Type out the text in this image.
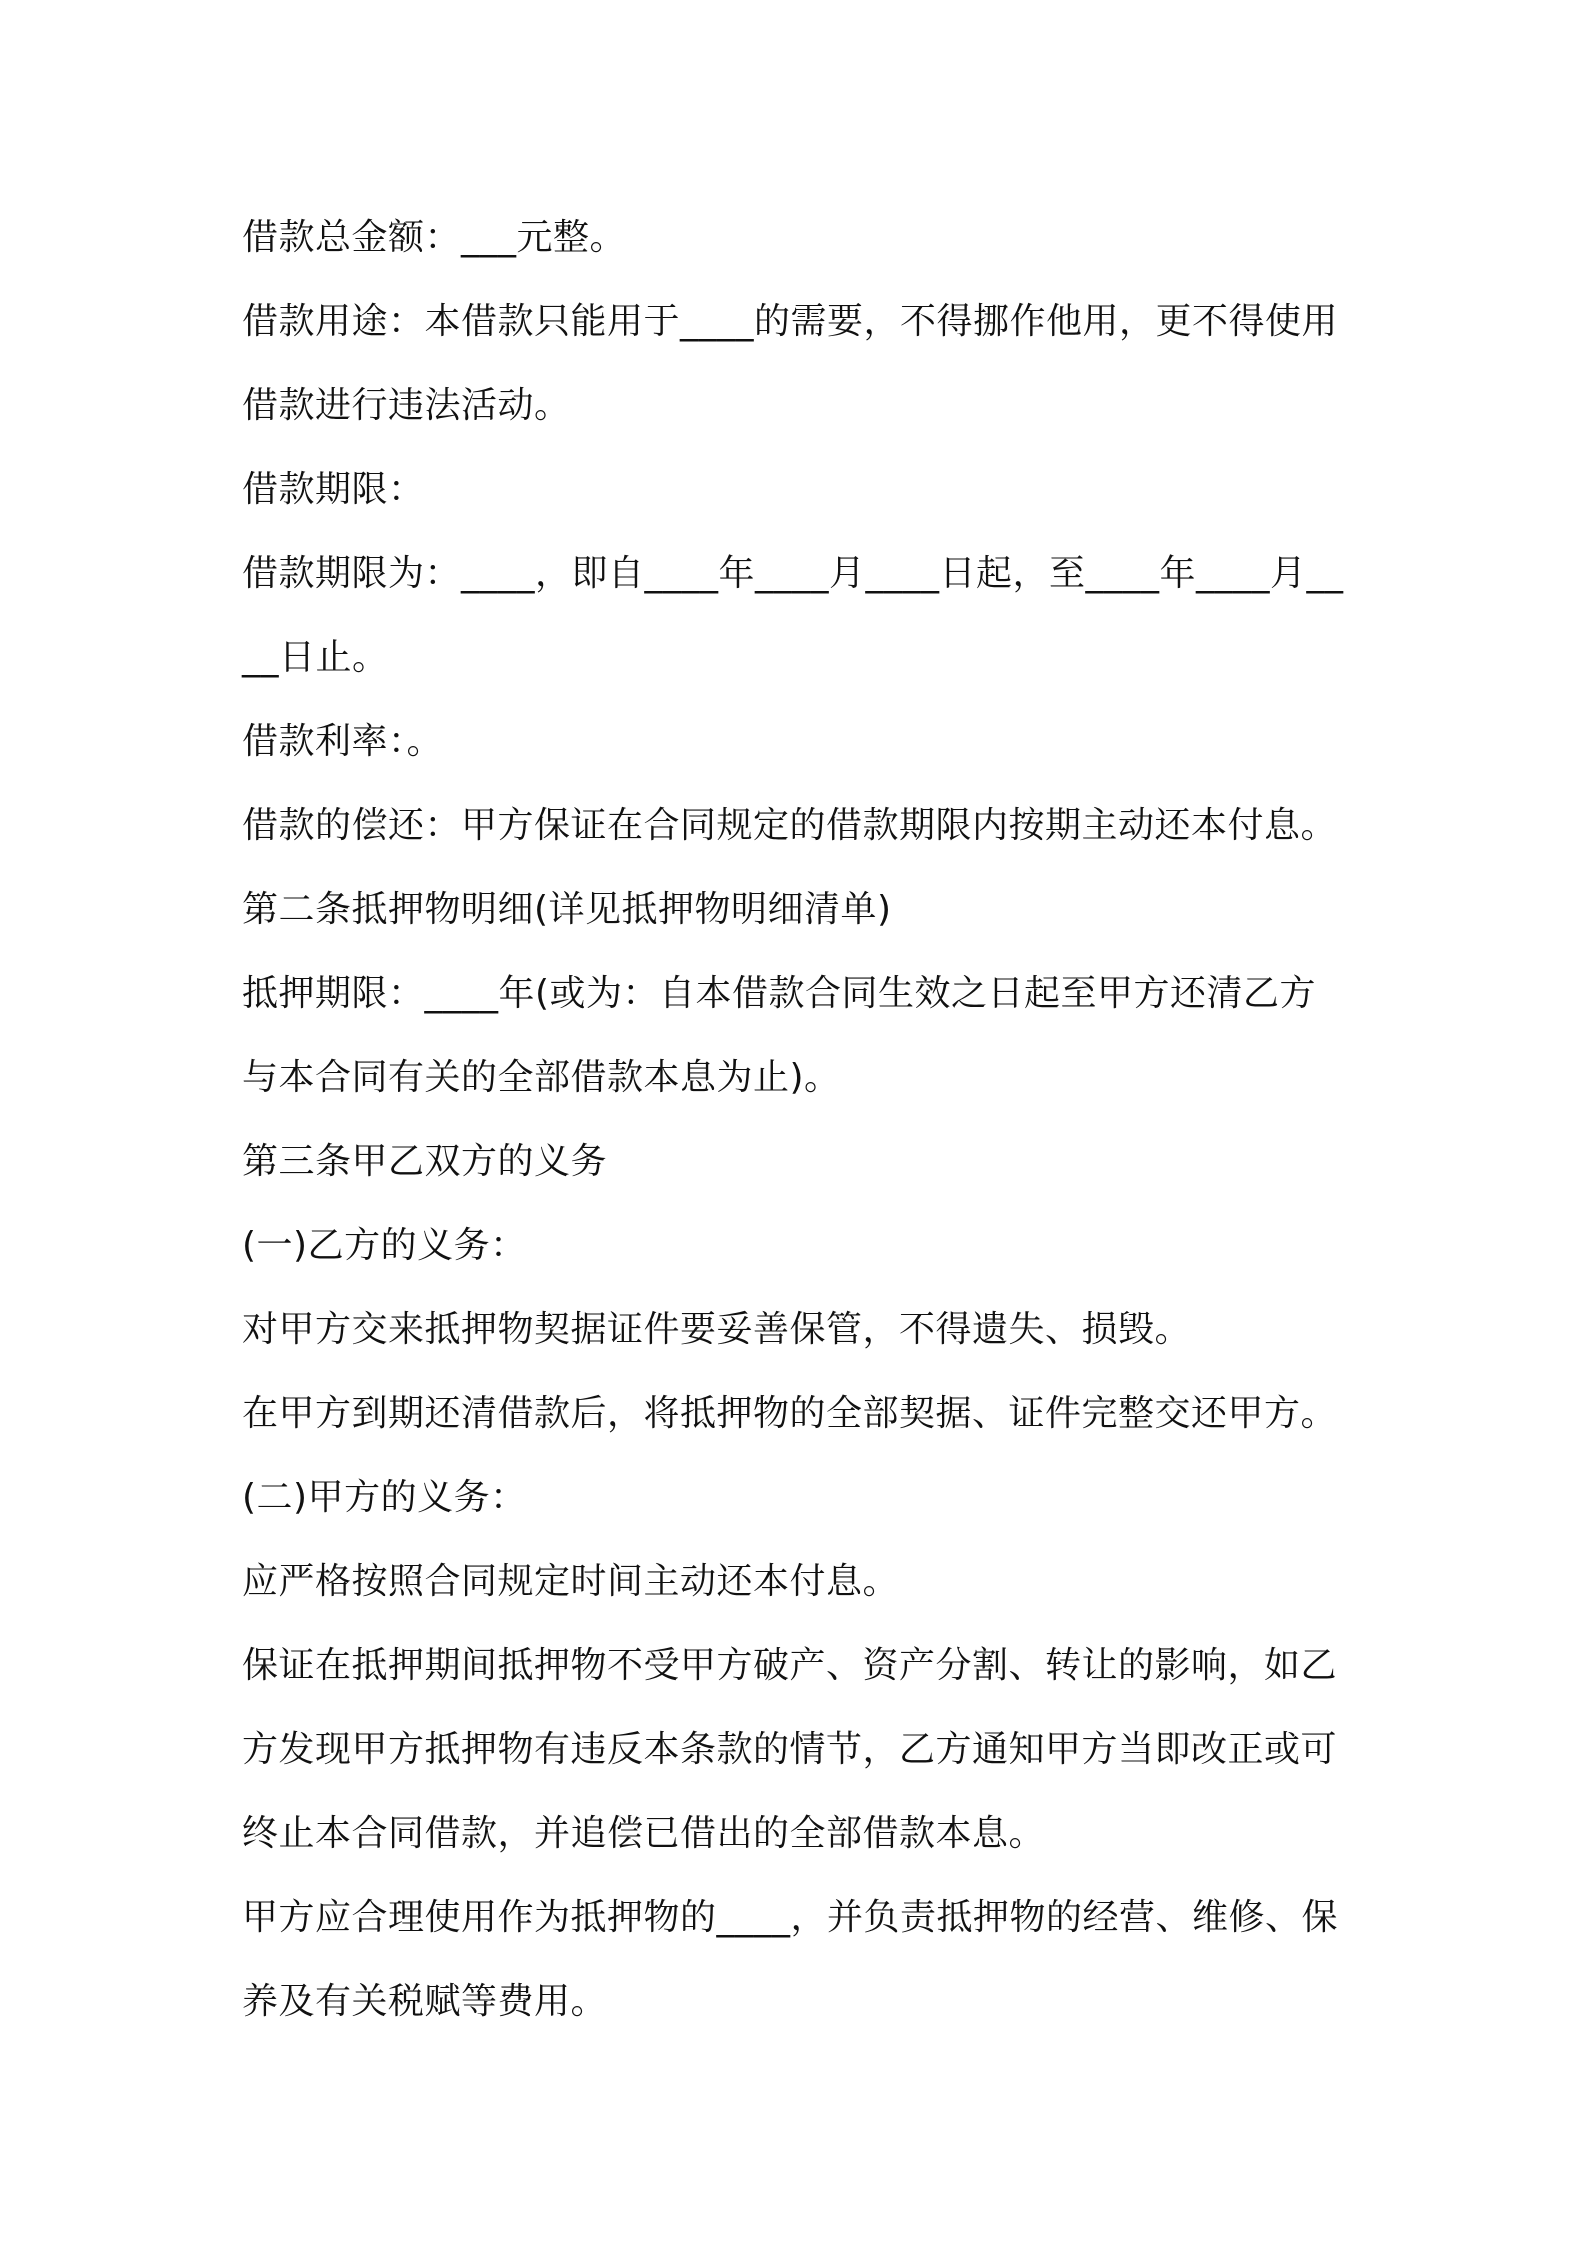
借款总金额：___元整。

借款用途：本借款只能用于____的需要，不得挪作他用，更不得使用借款进行违法活动。

借款期限：

借款期限为：____，即自____年____月____日起，至____年____月____日止。

借款利率：。

借款的偿还：甲方保证在合同规定的借款期限内按期主动还本付息。

第二条抵押物明细(详见抵押物明细清单)

抵押期限：____年(或为：自本借款合同生效之日起至甲方还清乙方与本合同有关的全部借款本息为止)。

第三条甲乙双方的义务

(一)乙方的义务：

对甲方交来抵押物契据证件要妥善保管，不得遗失、损毁。

在甲方到期还清借款后，将抵押物的全部契据、证件完整交还甲方。

(二)甲方的义务：

应严格按照合同规定时间主动还本付息。

保证在抵押期间抵押物不受甲方破产、资产分割、转让的影响，如乙方发现甲方抵押物有违反本条款的情节，乙方通知甲方当即改正或可终止本合同借款，并追偿已借出的全部借款本息。

甲方应合理使用作为抵押物的____，并负责抵押物的经营、维修、保养及有关税赋等费用。
